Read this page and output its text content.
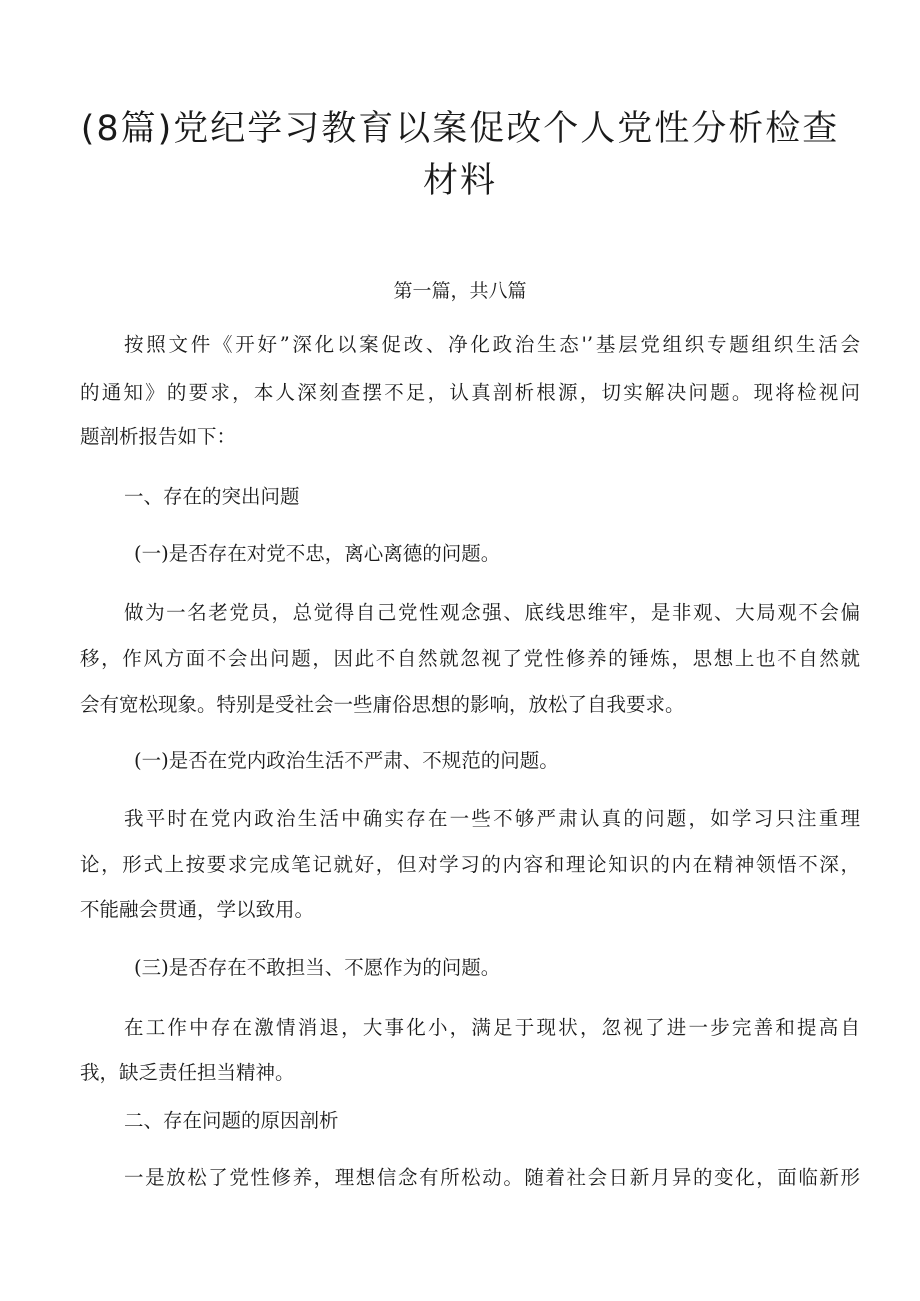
(8篇)党纪学习教育以案促改个人党性分析检查
材料
第一篇，共八篇
按照文件《开好”深化以案促改、净化政治生态'’基层党组织专题组织生活会
的通知》的要求，本人深刻查摆不足，认真剖析根源，切实解决问题。现将检视问
题剖析报告如下：
一、存在的突出问题
(一)是否存在对党不忠，离心离德的问题。
做为一名老党员，总觉得自己党性观念强、底线思维牢，是非观、大局观不会偏
移，作风方面不会出问题，因此不自然就忽视了党性修养的锤炼，思想上也不自然就
会有宽松现象。特别是受社会一些庸俗思想的影响，放松了自我要求。
(一)是否在党内政治生活不严肃、不规范的问题。
我平时在党内政治生活中确实存在一些不够严肃认真的问题，如学习只注重理
论，形式上按要求完成笔记就好，但对学习的内容和理论知识的内在精神领悟不深，
不能融会贯通，学以致用。
(三)是否存在不敢担当、不愿作为的问题。
在工作中存在激情消退，大事化小，满足于现状，忽视了进一步完善和提高自
我，缺乏责任担当精神。
二、存在问题的原因剖析
一是放松了党性修养，理想信念有所松动。随着社会日新月异的变化，面临新形
